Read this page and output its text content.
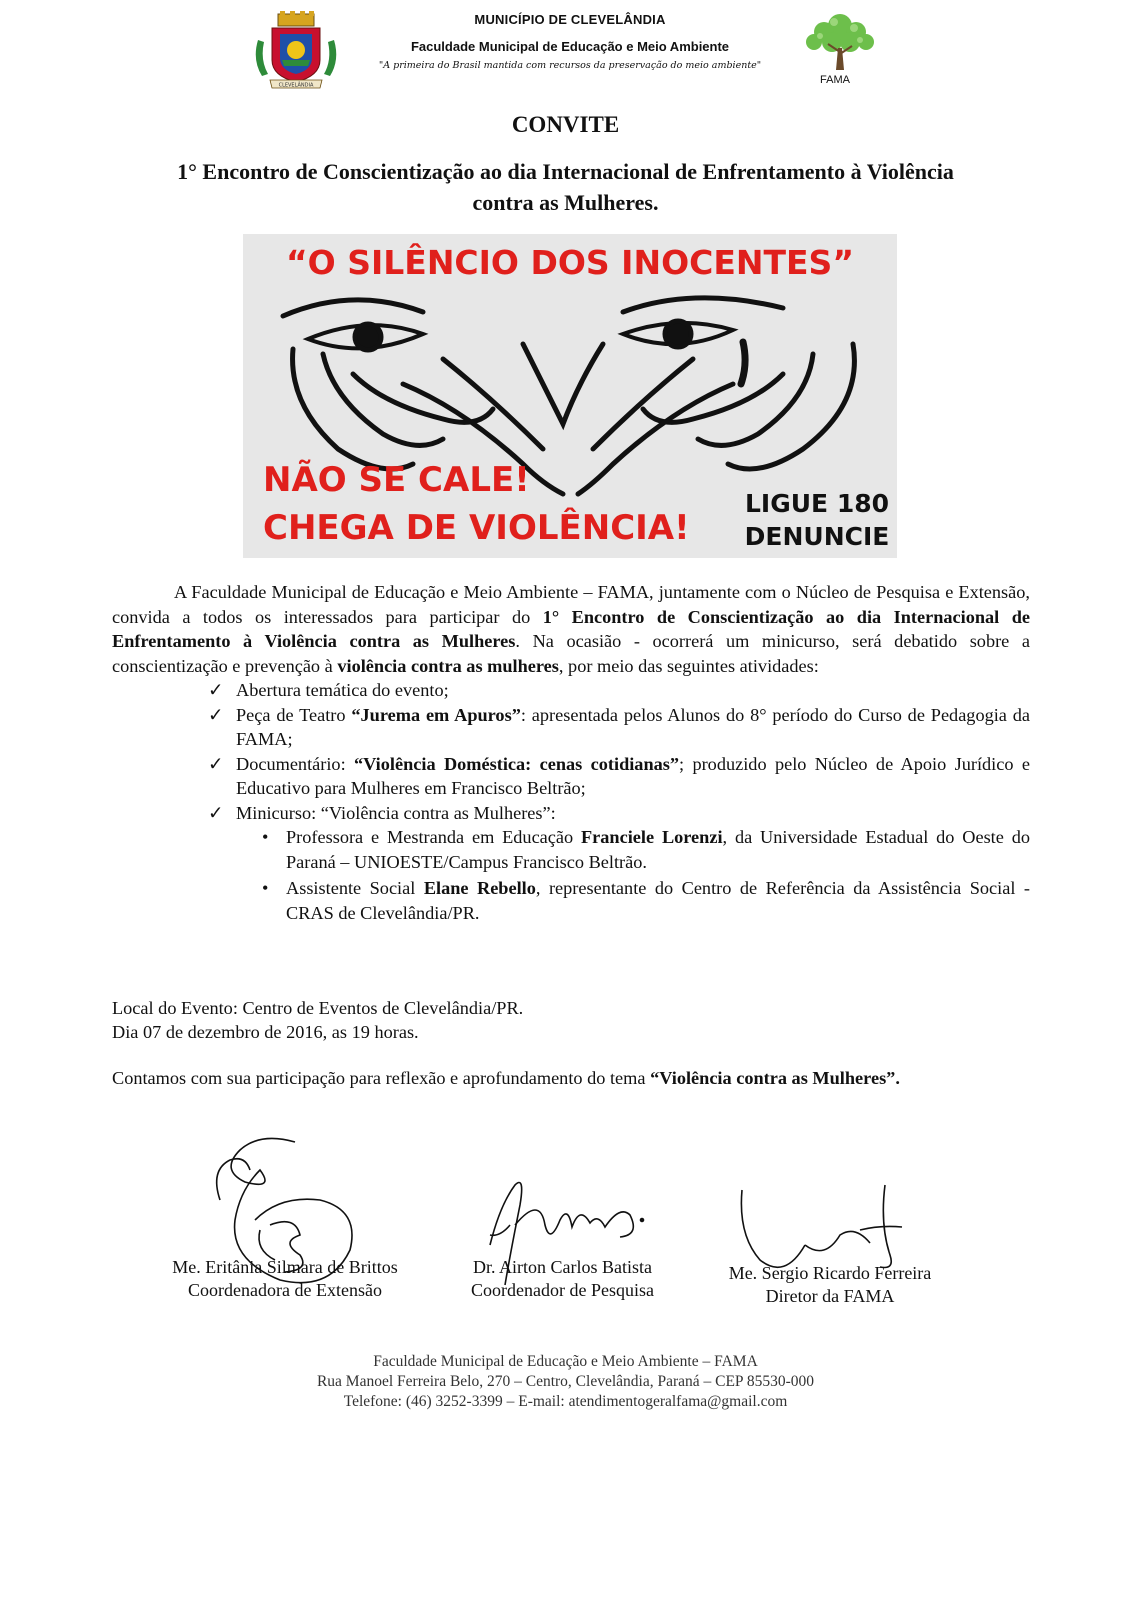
CLEVELÂNDIA
MUNICÍPIO DE CLEVELÂNDIA
Faculdade Municipal de Educação e Meio Ambiente
"A primeira do Brasil mantida com recursos da preservação do meio ambiente"
FAMA
CONVITE
1° Encontro de Conscientização ao dia Internacional de Enfrentamento à Violência
contra as Mulheres.
“O SILÊNCIO DOS INOCENTES”
NÃO SE CALE!
CHEGA DE VIOLÊNCIA!
LIGUE 180
DENUNCIE

A Faculdade Municipal de Educação e Meio Ambiente – FAMA, juntamente com o Núcleo de Pesquisa e Extensão, convida a todos os interessados para participar do 1° Encontro de Conscientização ao dia Internacional de Enfrentamento à Violência contra as Mulheres. Na ocasião - ocorrerá um minicurso, será debatido sobre a conscientização e prevenção à violência contra as mulheres, por meio das seguintes atividades:

✓ Abertura temática do evento;
✓ Peça de Teatro “Jurema em Apuros”: apresentada pelos Alunos do 8° período do Curso de Pedagogia da FAMA;
✓ Documentário: “Violência Doméstica: cenas cotidianas”; produzido pelo Núcleo de Apoio Jurídico e Educativo para Mulheres em Francisco Beltrão;
✓ Minicurso: “Violência contra as Mulheres”:
• Professora e Mestranda em Educação Franciele Lorenzi, da Universidade Estadual do Oeste do Paraná – UNIOESTE/Campus Francisco Beltrão.
• Assistente Social Elane Rebello, representante do Centro de Referência da Assistência Social - CRAS de Clevelândia/PR.
Local do Evento: Centro de Eventos de Clevelândia/PR.
Dia 07 de dezembro de 2016, as 19 horas.
Contamos com sua participação para reflexão e aprofundamento do tema “Violência contra as Mulheres”.
Me. Eritânia Silmara de Brittos
Coordenadora de Extensão
Dr. Airton Carlos Batista
Coordenador de Pesquisa
Me. Sergio Ricardo Ferreira
Diretor da FAMA
Faculdade Municipal de Educação e Meio Ambiente – FAMA
Rua Manoel Ferreira Belo, 270 – Centro, Clevelândia, Paraná – CEP 85530-000
Telefone: (46) 3252-3399 – E-mail: atendimentogeralfama@gmail.com
